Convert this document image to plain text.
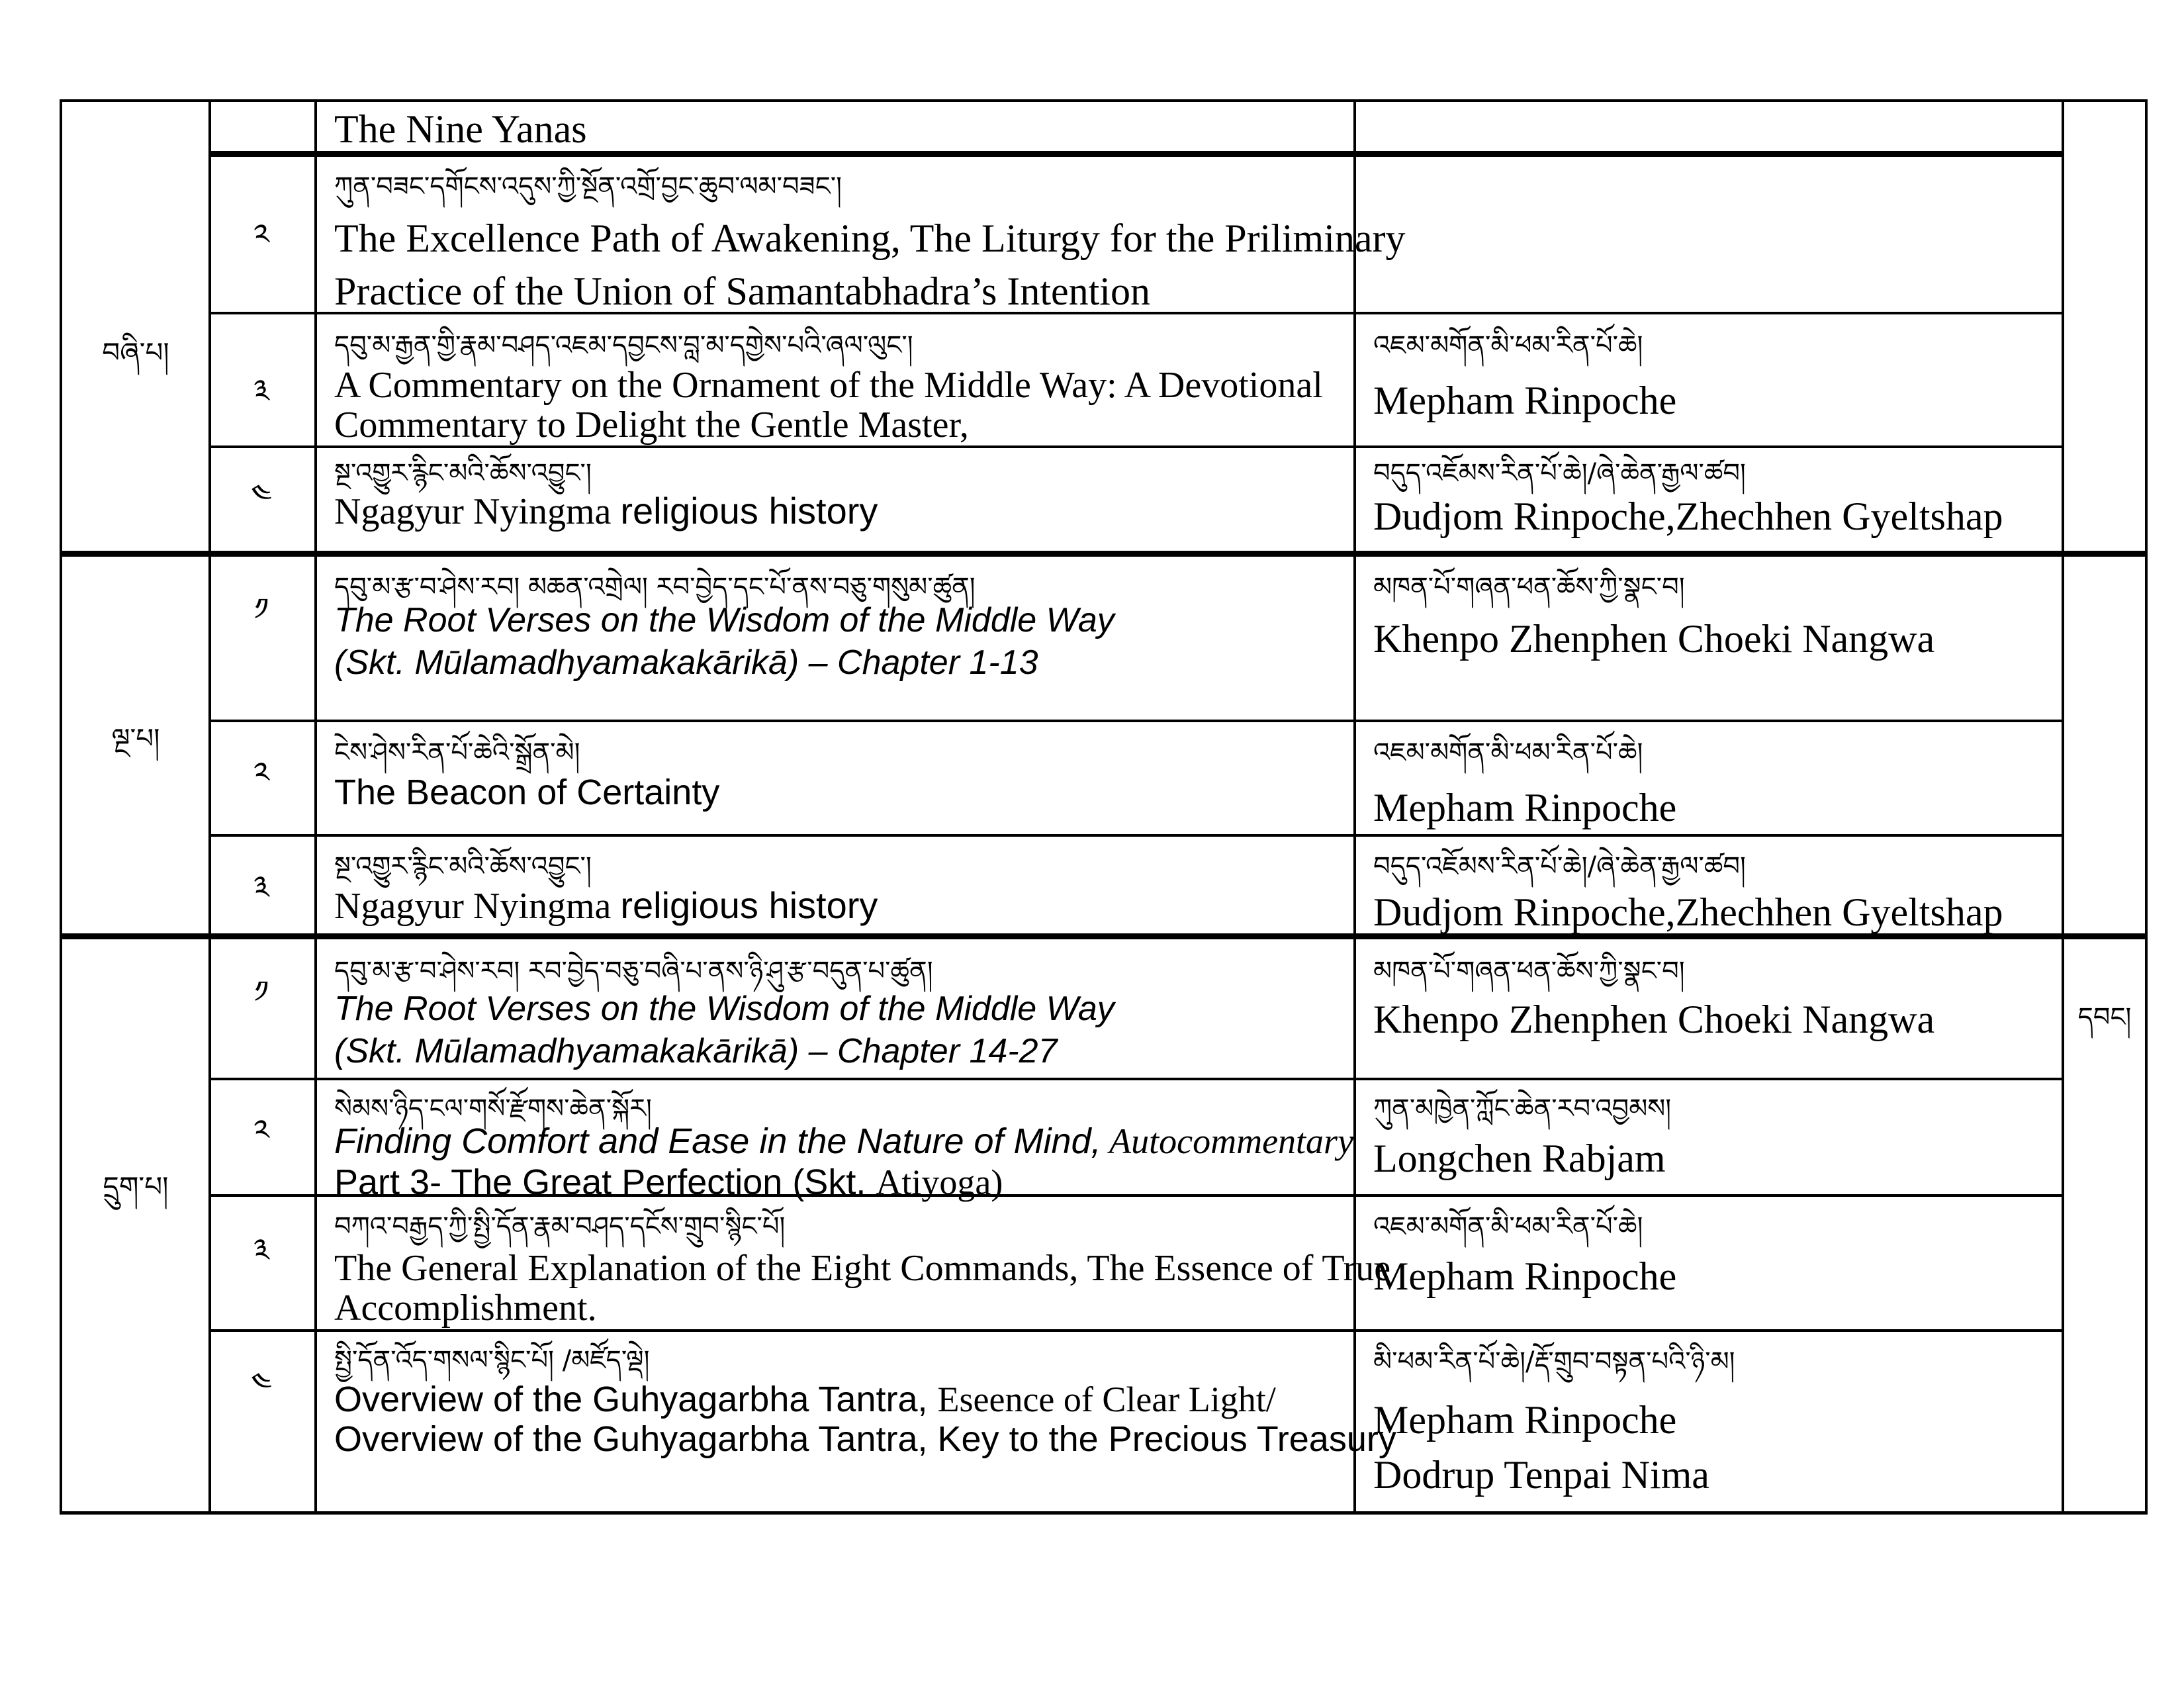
The Nine Yanas
བཞི་པ།
ལྔ་པ།
དྲུག་པ།
དབང།
༢
ཀུན་བཟང་དགོངས་འདུས་ཀྱི་སྔོན་འགྲོ་བྱང་ཆུབ་ལམ་བཟང་།
The Excellence Path of Awakening, The Liturgy for the Priliminary
Practice of the Union of Samantabhadra’s Intention
༣
དབུ་མ་རྒྱན་གྱི་རྣམ་བཤད་འཇམ་དབྱངས་བླ་མ་དགྱེས་པའི་ཞལ་ལུང་།
A Commentary on the Ornament of the Middle Way: A Devotional
Commentary to Delight the Gentle Master,
འཇམ་མགོན་མི་ཕམ་རིན་པོ་ཆེ།
Mepham Rinpoche
༤
སྔ་འགྱུར་རྙིང་མའི་ཆོས་འབྱུང་།
Ngagyur Nyingma religious history
བདུད་འཇོམས་རིན་པོ་ཆེ།/ཞེ་ཆེན་རྒྱལ་ཚབ།
Dudjom Rinpoche,Zhechhen Gyeltshap
༡
དབུ་མ་རྩ་བ་ཤེས་རབ། མཆན་འགྲེལ། རབ་བྱེད་དང་པོ་ནས་བཅུ་གསུམ་ཚུན།
The Root Verses on the Wisdom of the Middle Way
(Skt. Mūlamadhyamakakārikā) – Chapter 1-13
མཁན་པོ་གཞན་ཕན་ཆོས་ཀྱི་སྣང་བ།
Khenpo Zhenphen Choeki Nangwa
༢
ངེས་ཤེས་རིན་པོ་ཆེའི་སྒྲོན་མེ།
The Beacon of Certainty
འཇམ་མགོན་མི་ཕམ་རིན་པོ་ཆེ།
Mepham Rinpoche
༣
སྔ་འགྱུར་རྙིང་མའི་ཆོས་འབྱུང་།
Ngagyur Nyingma religious history
བདུད་འཇོམས་རིན་པོ་ཆེ།/ཞེ་ཆེན་རྒྱལ་ཚབ།
Dudjom Rinpoche,Zhechhen Gyeltshap
༡
དབུ་མ་རྩ་བ་ཤེས་རབ། རབ་བྱེད་བཅུ་བཞི་པ་ནས་ཉི་ཤུ་རྩ་བདུན་པ་ཚུན།
The Root Verses on the Wisdom of the Middle Way
(Skt. Mūlamadhyamakakārikā) – Chapter 14-27
མཁན་པོ་གཞན་ཕན་ཆོས་ཀྱི་སྣང་བ།
Khenpo Zhenphen Choeki Nangwa
༢
སེམས་ཉིད་ངལ་གསོ་རྫོགས་ཆེན་སྐོར།
Finding Comfort and Ease in the Nature of Mind, Autocommentary
Part 3- The Great Perfection (Skt. Atiyoga)
ཀུན་མཁྱེན་ཀློང་ཆེན་རབ་འབྱམས།
Longchen Rabjam
༣
བཀའ་བརྒྱད་ཀྱི་སྤྱི་དོན་རྣམ་བཤད་དངོས་གྲུབ་སྙིང་པོ།
The General Explanation of the Eight Commands, The Essence of True
Accomplishment.
འཇམ་མགོན་མི་ཕམ་རིན་པོ་ཆེ།
Mepham Rinpoche
༤
སྤྱི་དོན་འོད་གསལ་སྙིང་པོ། /མཛོད་ལྡེ།
Overview of the Guhyagarbha Tantra, Eseence of Clear Light/
Overview of the Guhyagarbha Tantra, Key to the Precious Treasury
མི་ཕམ་རིན་པོ་ཆེ།/རྡོ་གྲུབ་བསྟན་པའི་ཉི་མ།
Mepham Rinpoche
Dodrup Tenpai Nima
